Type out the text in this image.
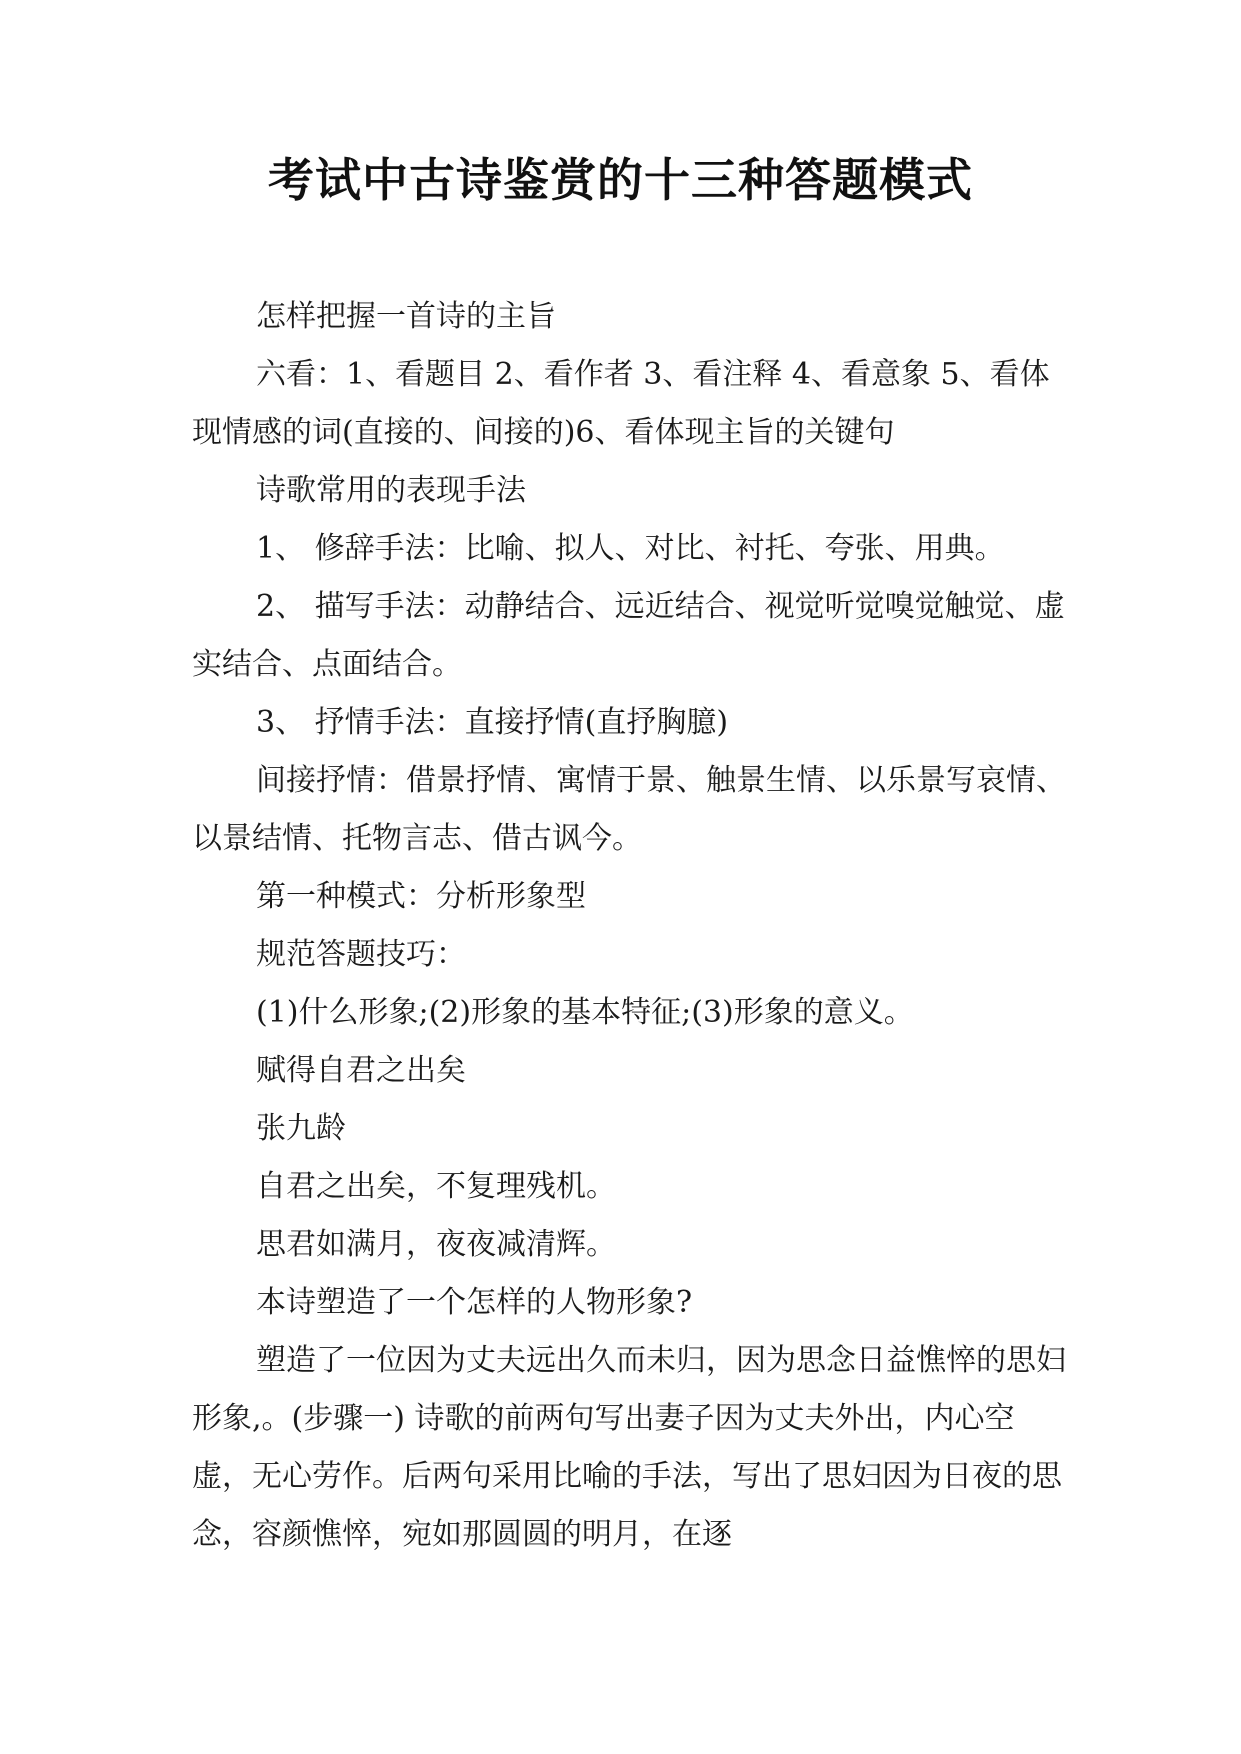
考试中古诗鉴赏的十三种答题模式

怎样把握一首诗的主旨

六看：1、看题目 2、看作者 3、看注释 4、看意象 5、看体现情感的词(直接的、间接的)6、看体现主旨的关键句

诗歌常用的表现手法

1、 修辞手法：比喻、拟人、对比、衬托、夸张、用典。

2、 描写手法：动静结合、远近结合、视觉听觉嗅觉触觉、虚实结合、点面结合。

3、 抒情手法：直接抒情(直抒胸臆)

间接抒情：借景抒情、寓情于景、触景生情、以乐景写哀情、以景结情、托物言志、借古讽今。

第一种模式：分析形象型

规范答题技巧：

(1)什么形象;(2)形象的基本特征;(3)形象的意义。

赋得自君之出矣

张九龄

自君之出矣，不复理残机。

思君如满月，夜夜减清辉。

本诗塑造了一个怎样的人物形象?

塑造了一位因为丈夫远出久而未归，因为思念日益憔悴的思妇形象,。(步骤一) 诗歌的前两句写出妻子因为丈夫外出，内心空虚，无心劳作。后两句采用比喻的手法，写出了思妇因为日夜的思念，容颜憔悴，宛如那圆圆的明月，在逐
